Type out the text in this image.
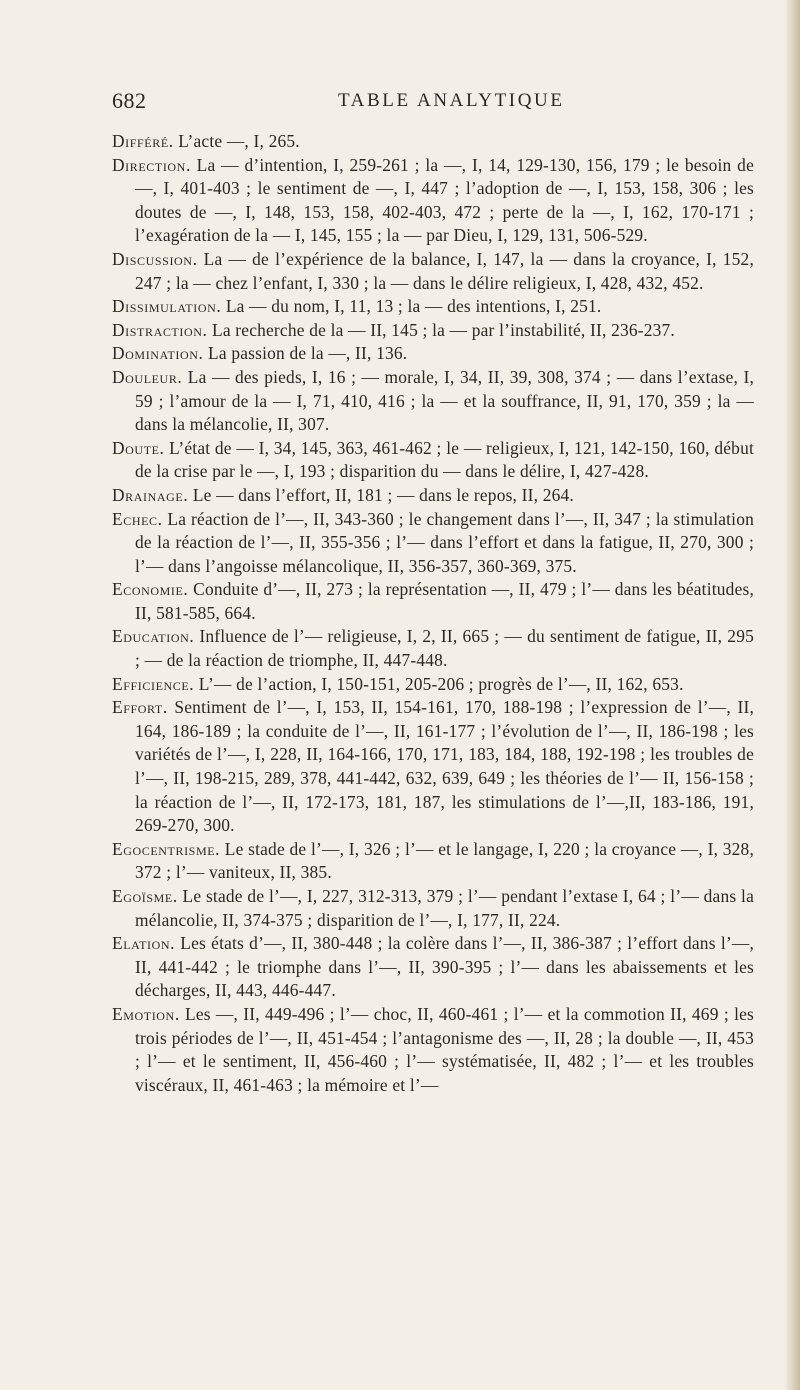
682	TABLE ANALYTIQUE

Différé. L’acte —, I, 265.

Direction. La — d’intention, I, 259-261 ; la —, I, 14, 129-130, 156, 179 ; le besoin de —, I, 401-403 ; le sentiment de —, I, 447 ; l’adoption de —, I, 153, 158, 306 ; les doutes de —, I, 148, 153, 158, 402-403, 472 ; perte de la —, I, 162, 170-171 ; l’exagération de la — I, 145, 155 ; la — par Dieu, I, 129, 131, 506-529.

Discussion. La — de l’expérience de la balance, I, 147, la — dans la croyance, I, 152, 247 ; la — chez l’enfant, I, 330 ; la — dans le délire religieux, I, 428, 432, 452.

Dissimulation. La — du nom, I, 11, 13 ; la — des intentions, I, 251.

Distraction. La recherche de la — II, 145 ; la — par l’instabilité, II, 236-237.

Domination. La passion de la —, II, 136.

Douleur. La — des pieds, I, 16 ; — morale, I, 34, II, 39, 308, 374 ; — dans l’extase, I, 59 ; l’amour de la — I, 71, 410, 416 ; la — et la souffrance, II, 91, 170, 359 ; la — dans la mélancolie, II, 307.

Doute. L’état de — I, 34, 145, 363, 461-462 ; le — religieux, I, 121, 142-150, 160, début de la crise par le —, I, 193 ; disparition du — dans le délire, I, 427-428.

Drainage. Le — dans l’effort, II, 181 ; — dans le repos, II, 264.

Echec. La réaction de l’—, II, 343-360 ; le changement dans l’—, II, 347 ; la stimulation de la réaction de l’—, II, 355-356 ; l’— dans l’effort et dans la fatigue, II, 270, 300 ; l’— dans l’angoisse mélancolique, II, 356-357, 360-369, 375.

Economie. Conduite d’—, II, 273 ; la représentation —, II, 479 ; l’— dans les béatitudes, II, 581-585, 664.

Education. Influence de l’— religieuse, I, 2, II, 665 ; — du sentiment de fatigue, II, 295 ; — de la réaction de triomphe, II, 447-448.

Efficience. L’— de l’action, I, 150-151, 205-206 ; progrès de l’—, II, 162, 653.

Effort. Sentiment de l’—, I, 153, II, 154-161, 170, 188-198 ; l’expression de l’—, II, 164, 186-189 ; la conduite de l’—, II, 161-177 ; l’évolution de l’—, II, 186-198 ; les variétés de l’—, I, 228, II, 164-166, 170, 171, 183, 184, 188, 192-198 ; les troubles de l’—, II, 198-215, 289, 378, 441-442, 632, 639, 649 ; les théories de l’— II, 156-158 ; la réaction de l’—, II, 172-173, 181, 187, les stimulations de l’—,II, 183-186, 191, 269-270, 300.

Egocentrisme. Le stade de l’—, I, 326 ; l’— et le langage, I, 220 ; la croyance —, I, 328, 372 ; l’— vaniteux, II, 385.

Egoïsme. Le stade de l’—, I, 227, 312-313, 379 ; l’— pendant l’extase I, 64 ; l’— dans la mélancolie, II, 374-375 ; disparition de l’—, I, 177, II, 224.

Elation. Les états d’—, II, 380-448 ; la colère dans l’—, II, 386-387 ; l’effort dans l’—, II, 441-442 ; le triomphe dans l’—, II, 390-395 ; l’— dans les abaissements et les décharges, II, 443, 446-447.

Emotion. Les —, II, 449-496 ; l’— choc, II, 460-461 ; l’— et la commotion II, 469 ; les trois périodes de l’—, II, 451-454 ; l’antagonisme des —, II, 28 ; la double —, II, 453 ; l’— et le sentiment, II, 456-460 ; l’— systématisée, II, 482 ; l’— et les troubles viscéraux, II, 461-463 ; la mémoire et l’—
